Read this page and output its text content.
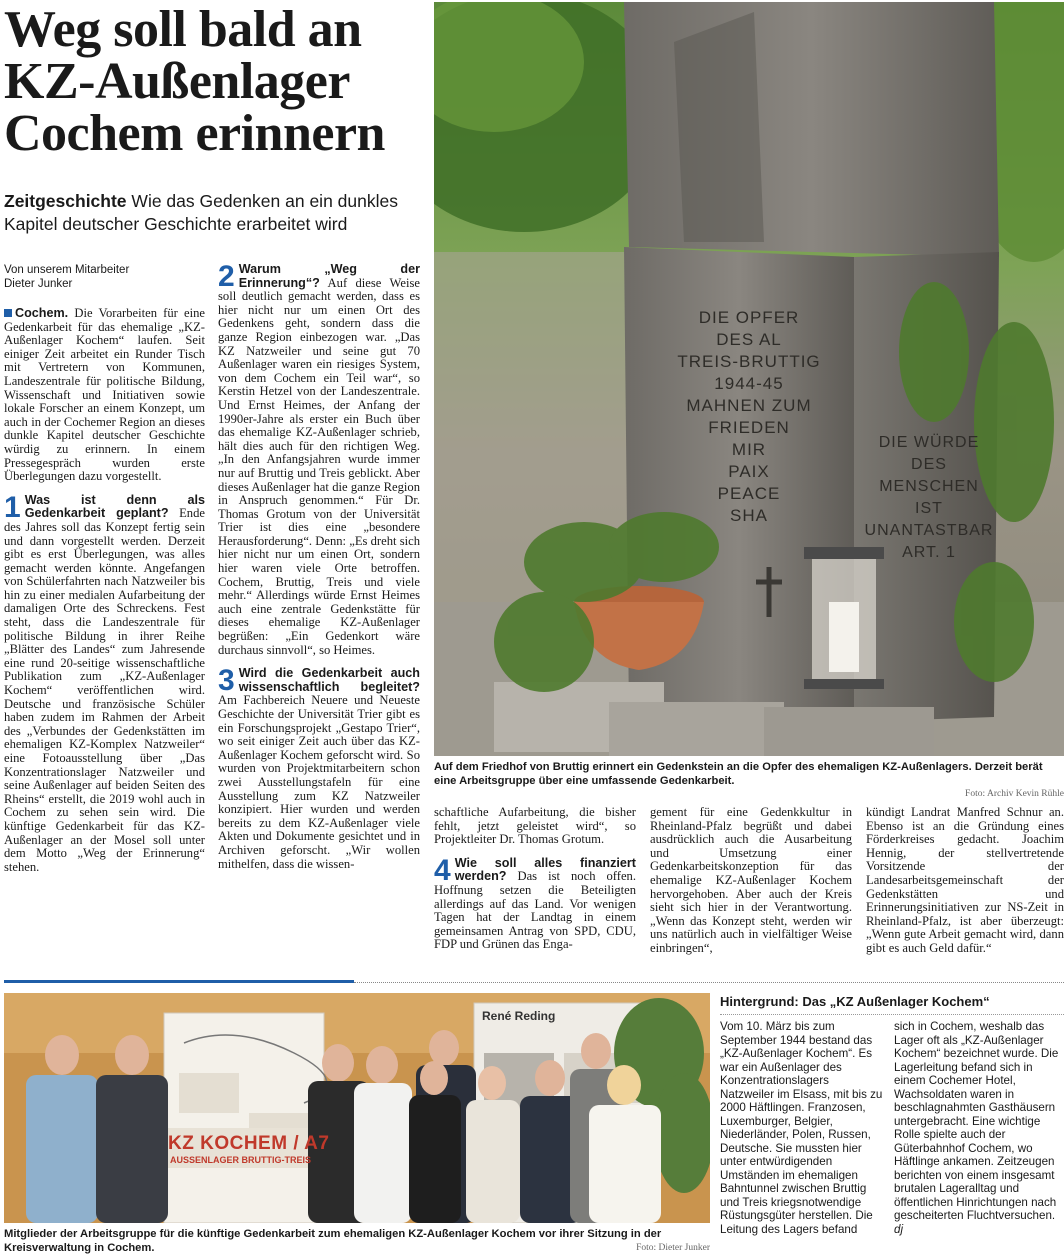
Weg soll bald an
KZ-Außenlager
Cochem erinnern
Zeitgeschichte Wie das Gedenken an ein dunkles Kapitel deutscher Geschichte erarbeitet wird
Von unserem Mitarbeiter
Dieter Junker

Cochem. Die Vorarbeiten für eine Gedenkarbeit für das ehemalige „KZ-Außenlager Kochem“ laufen. Seit einiger Zeit arbeitet ein Runder Tisch mit Vertretern von Kommunen, Landeszentrale für politische Bildung, Wissenschaft und Initiativen sowie lokale Forscher an einem Konzept, um auch in der Cochemer Region an dieses dunkle Kapitel deutscher Geschichte würdig zu erinnern. In einem Pressegespräch wurden erste Überlegungen dazu vorgestellt.

1 Was ist denn als Gedenkarbeit geplant? Ende des Jahres soll das Konzept fertig sein und dann vorgestellt werden. Derzeit gibt es erst Überlegungen, was alles gemacht werden könnte. Angefangen von Schülerfahrten nach Natzweiler bis hin zu einer medialen Aufarbeitung der damaligen Orte des Schreckens. Fest steht, dass die Landeszentrale für politische Bildung in ihrer Reihe „Blätter des Landes“ zum Jahresende eine rund 20-seitige wissenschaftliche Publikation zum „KZ-Außenlager Kochem“ veröffentlichen wird. Deutsche und französische Schüler haben zudem im Rahmen der Arbeit des „Verbundes der Gedenkstätten im ehemaligen KZ-Komplex Natzweiler“ eine Fotoausstellung über „Das Konzentrationslager Natzweiler und seine Außenlager auf beiden Seiten des Rheins“ erstellt, die 2019 wohl auch in Cochem zu sehen sein wird. Die künftige Gedenkarbeit für das KZ-Außenlager an der Mosel soll unter dem Motto „Weg der Erinnerung“ stehen.
2 Warum „Weg der Erinnerung“? Auf diese Weise soll deutlich gemacht werden, dass es hier nicht nur um einen Ort des Gedenkens geht, sondern dass die ganze Region einbezogen war. „Das KZ Natzweiler und seine gut 70 Außenlager waren ein riesiges System, von dem Cochem ein Teil war“, so Kerstin Hetzel von der Landeszentrale. Und Ernst Heimes, der Anfang der 1990er-Jahre als erster ein Buch über das ehemalige KZ-Außenlager schrieb, hält dies auch für den richtigen Weg. „In den Anfangsjahren wurde immer nur auf Bruttig und Treis geblickt. Aber dieses Außenlager hat die ganze Region in Anspruch genommen.“ Für Dr. Thomas Grotum von der Universität Trier ist dies eine „besondere Herausforderung“. Denn: „Es dreht sich hier nicht nur um einen Ort, sondern hier waren viele Orte betroffen. Cochem, Bruttig, Treis und viele mehr.“ Allerdings würde Ernst Heimes auch eine zentrale Gedenkstätte für dieses ehemalige KZ-Außenlager begrüßen: „Ein Gedenkort wäre durchaus sinnvoll“, so Heimes.
3 Wird die Gedenkarbeit auch wissenschaftlich begleitet? Am Fachbereich Neuere und Neueste Geschichte der Universität Trier gibt es ein Forschungsprojekt „Gestapo Trier“, wo seit einiger Zeit auch über das KZ-Außenlager Kochem geforscht wird. So wurden von Projektmitarbeitern schon zwei Ausstellungstafeln für eine Ausstellung zum KZ Natzweiler konzipiert. Hier wurden und werden bereits zu dem KZ-Außenlager viele Akten und Dokumente gesichtet und in Archiven geforscht. „Wir wollen mithelfen, dass die wissen-
DIE OPFER
DES AL
TREIS-BRUTTIG
1944-45
MAHNEN ZUM FRIEDEN
MIR
PAIX
PEACE
SHA
DIE WÜRDE
DES MENSCHEN
IST
UNANTASTBAR
ART. 1
Auf dem Friedhof von Bruttig erinnert ein Gedenkstein an die Opfer des ehemaligen KZ-Außenlagers. Derzeit berät eine Arbeitsgruppe über eine umfassende Gedenkarbeit.
Foto: Archiv Kevin Rühle

schaftliche Aufarbeitung, die bisher fehlt, jetzt geleistet wird“, so Projektleiter Dr. Thomas Grotum.

4 Wie soll alles finanziert werden? Das ist noch offen. Hoffnung setzen die Beteiligten allerdings auf das Land. Vor wenigen Tagen hat der Landtag in einem gemeinsamen Antrag von SPD, CDU, FDP und Grünen das Enga-

gement für eine Gedenkkultur in Rheinland-Pfalz begrüßt und dabei ausdrücklich auch die Ausarbeitung und Umsetzung einer Gedenkarbeitskonzeption für das ehemalige KZ-Außenlager Kochem hervorgehoben. Aber auch der Kreis sieht sich hier in der Verantwortung. „Wenn das Konzept steht, werden wir uns natürlich auch in vielfältiger Weise einbringen“,

kündigt Landrat Manfred Schnur an. Ebenso ist an die Gründung eines Förderkreises gedacht. Joachim Hennig, der stellvertretende Vorsitzende der Landesarbeitsgemeinschaft der Gedenkstätten und Erinnerungsinitiativen zur NS-Zeit in Rheinland-Pfalz, ist aber überzeugt: „Wenn gute Arbeit gemacht wird, dann gibt es auch Geld dafür.“

René Reding
KZ KOCHEM / A7
AUSSENLAGER BRUTTIG-TREIS
Mitglieder der Arbeitsgruppe für die künftige Gedenkarbeit zum ehemaligen KZ-Außenlager Kochem vor ihrer Sitzung in der Kreisverwaltung in Cochem.	Foto: Dieter Junker
Hintergrund: Das „KZ Außenlager Kochem“
Vom 10. März bis zum September 1944 bestand das „KZ-Außenlager Kochem“. Es war ein Außenlager des Konzentrationslagers Natzweiler im Elsass, mit bis zu 2000 Häftlingen. Franzosen, Luxemburger, Belgier, Niederländer, Polen, Russen, Deutsche. Sie mussten hier unter entwürdigenden Umständen im ehemaligen Bahntunnel zwischen Bruttig und Treis kriegsnotwendige Rüstungsgüter herstellen. Die Leitung des Lagers befand
sich in Cochem, weshalb das Lager oft als „KZ-Außenlager Kochem“ bezeichnet wurde. Die Lagerleitung befand sich in einem Cochemer Hotel, Wachsoldaten waren in beschlagnahmten Gasthäusern untergebracht. Eine wichtige Rolle spielte auch der Güterbahnhof Cochem, wo Häftlinge ankamen. Zeitzeugen berichten von einem insgesamt brutalen Lageralltag und öffentlichen Hinrichtungen nach gescheiterten Fluchtversuchen. dj
